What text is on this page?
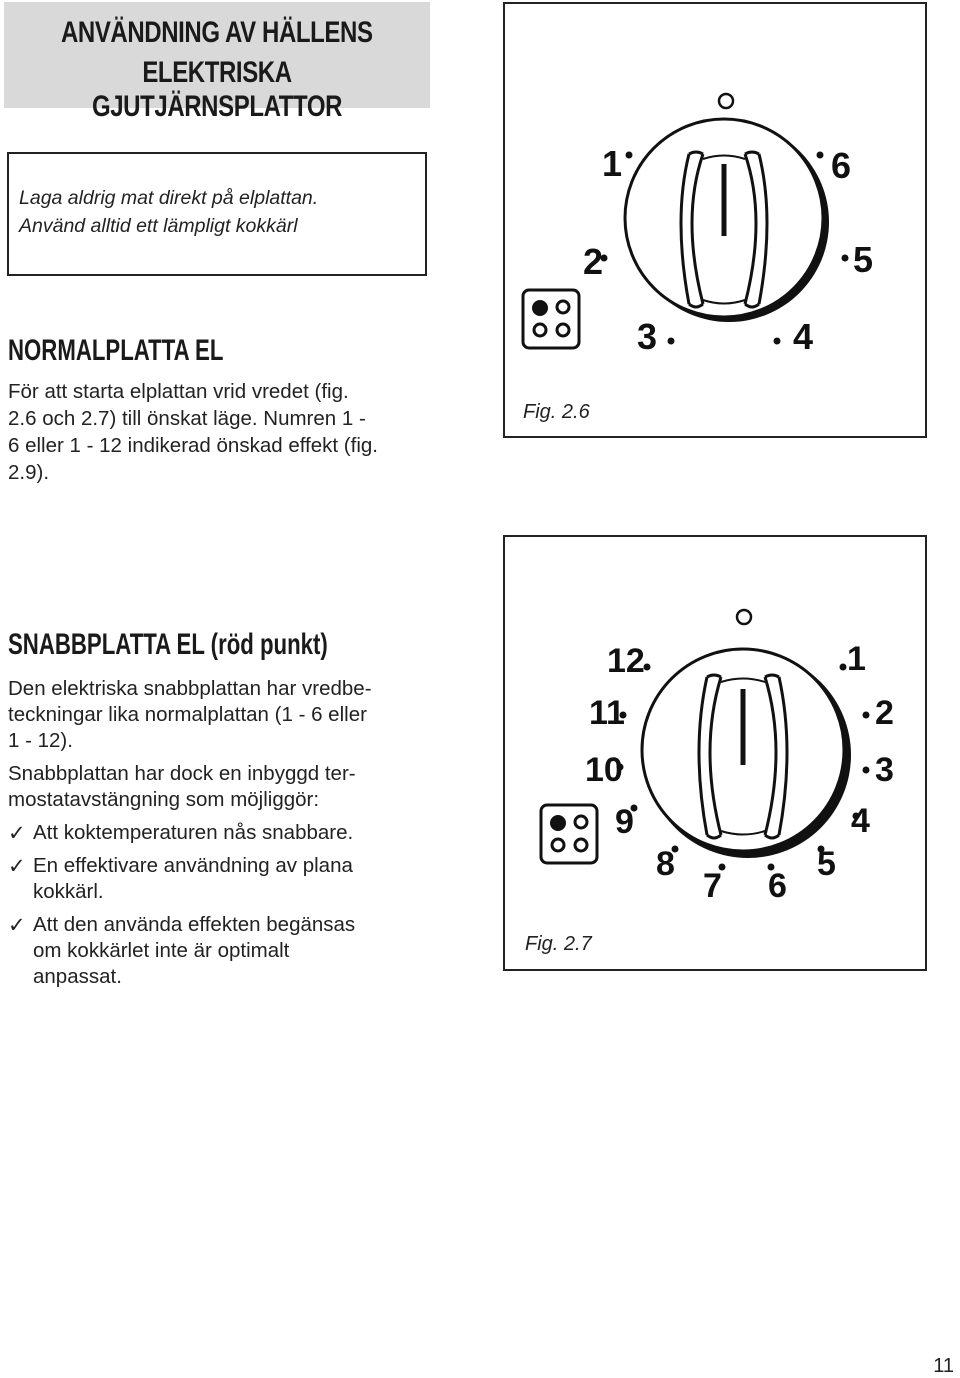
ANVÄNDNING AV HÄLLENS
ELEKTRISKA GJUTJÄRNSPLATTOR
Laga aldrig mat direkt på elplattan.
Använd alltid ett lämpligt kokkärl
NORMALPLATTA EL
För att starta elplattan vrid vredet (fig.
2.6 och 2.7) till önskat läge. Numren 1 -
6 eller 1 - 12 indikerad önskad effekt (fig.
2.9).
SNABBPLATTA EL (röd punkt)
Den elektriska snabbplattan har vredbe-
teckningar lika normalplattan (1 - 6 eller
1 - 12).
Snabbplattan har dock en inbyggd ter-
mostatavstängning som möjliggör:
✓ Att koktemperaturen nås snabbare.
✓ En effektivare användning av plana
kokkärl.
✓ Att den använda effekten begänsas
om kokkärlet inte är optimalt
anpassat.
1
2
3	4
5
6
Fig. 2.6
12	1
2
3
4
5
6
7
8
9
10
11
Fig. 2.7
11
